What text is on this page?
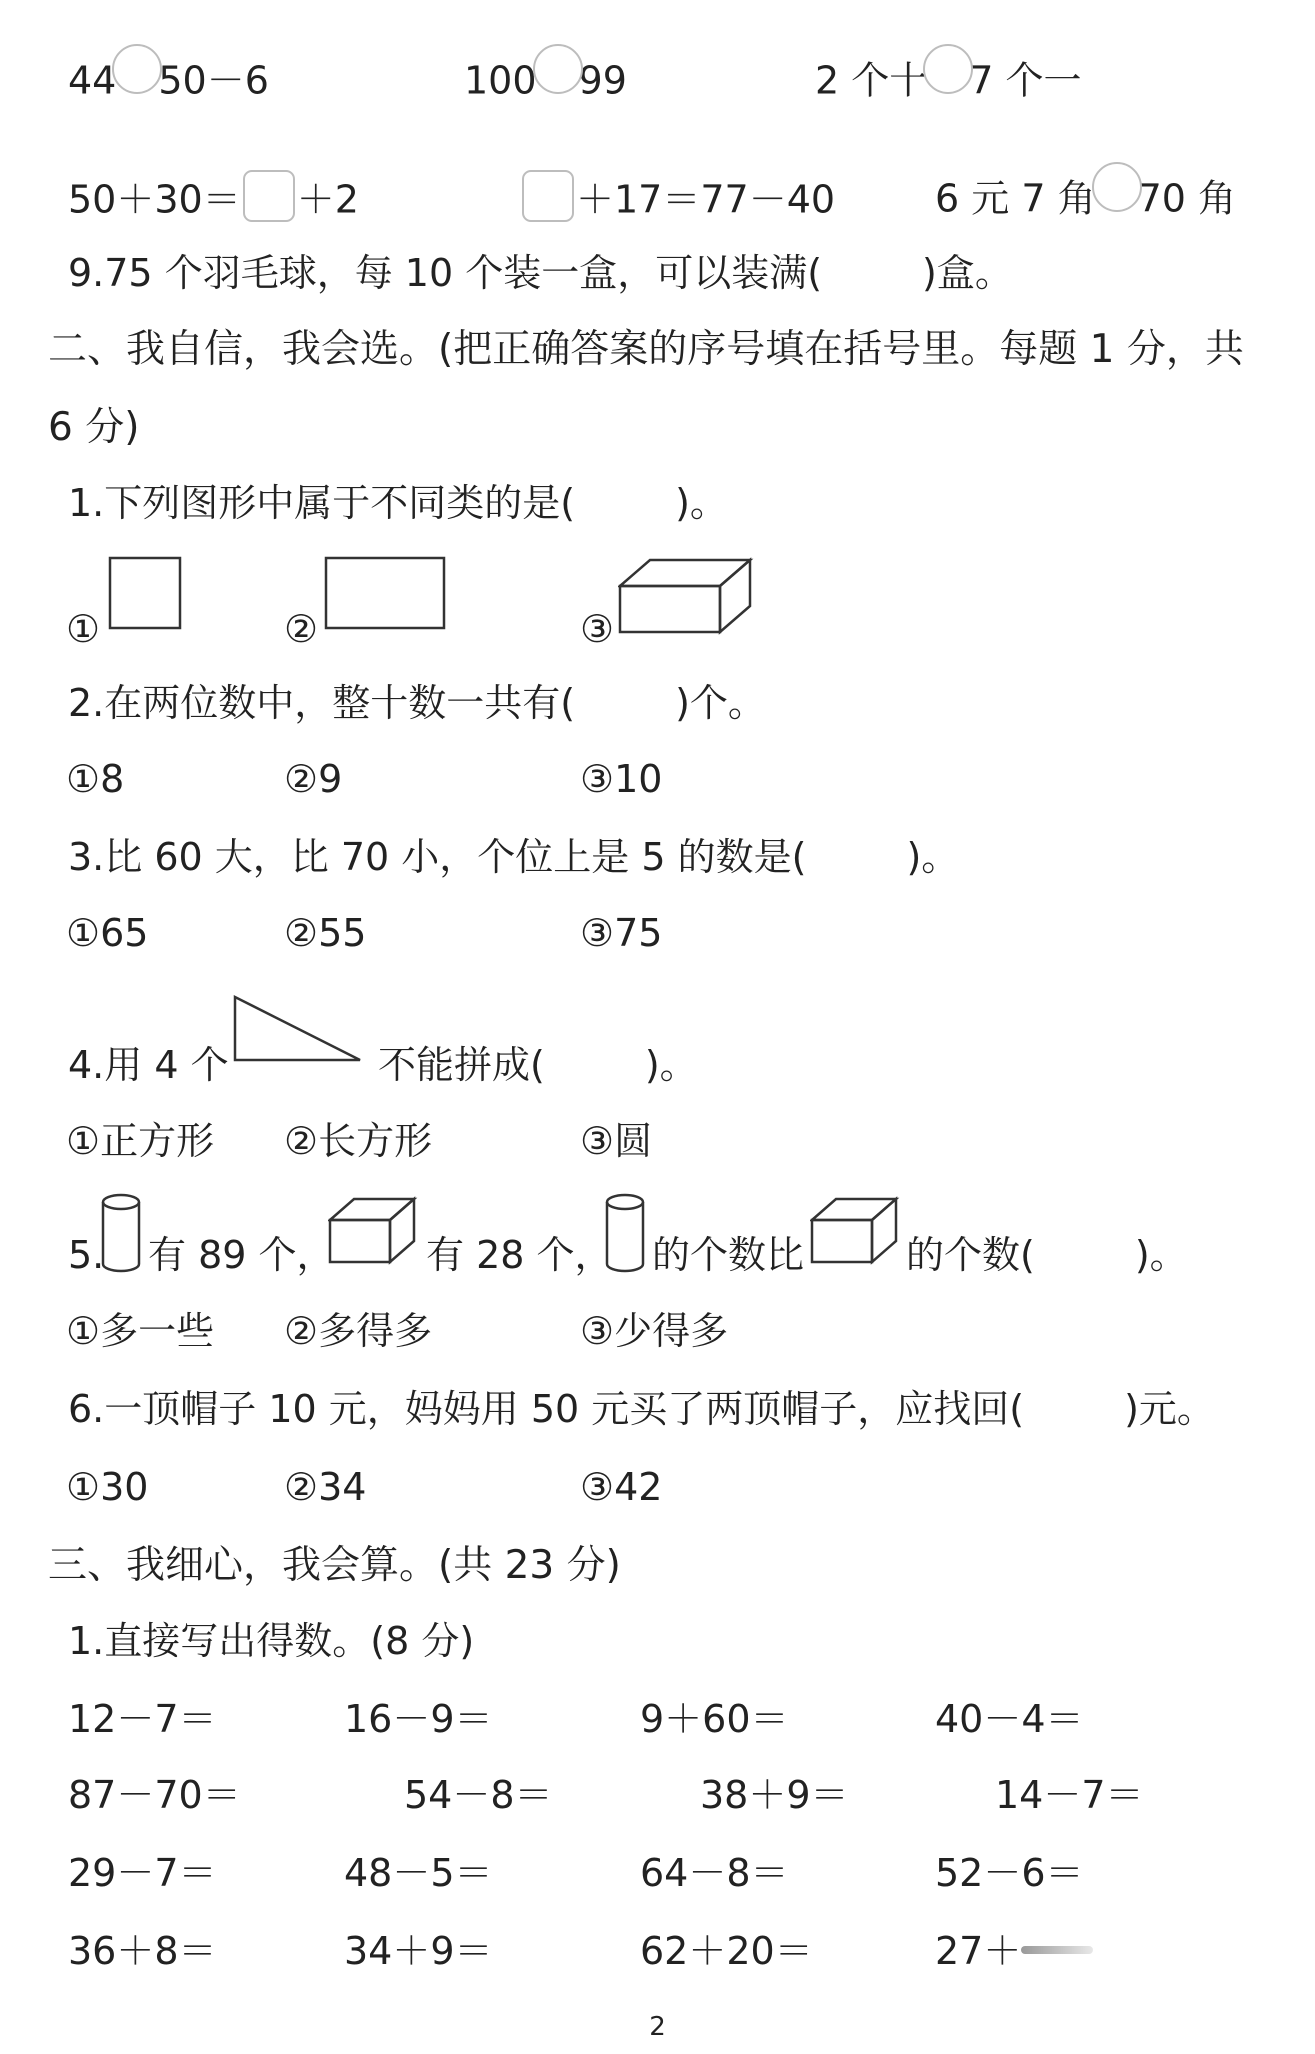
44 50－6	100 99	2 个十 7 个一
50＋30＝ ＋2	＋17＝77－40	6 元 7 角 70 角
9.75 个羽毛球，每 10 个装一盒，可以装满(	)盒。
二、我自信，我会选。(把正确答案的序号填在括号里。每题 1 分，共
6 分)
1.下列图形中属于不同类的是(	)。
①	②	③
2.在两位数中，整十数一共有(	)个。
①8	②9	③10
3.比 60 大，比 70 小，个位上是 5 的数是(	)。
①65	②55	③75
4.用 4 个	不能拼成(	)。
①正方形 ②长方形	③圆
5. 有 89 个， 有 28 个， 的个数比	的个数(	)。
①多一些 ②多得多	③少得多
6.一顶帽子 10 元，妈妈用 50 元买了两顶帽子，应找回(	)元。
①30	②34	③42
三、我细心，我会算。(共 23 分)
1.直接写出得数。(8 分)
12－7＝	16－9＝	9＋60＝	40－4＝
87－70＝	54－8＝	38＋9＝	14－7＝
29－7＝	48－5＝	64－8＝	52－6＝
36＋8＝	34＋9＝	62＋20＝	27＋
2
